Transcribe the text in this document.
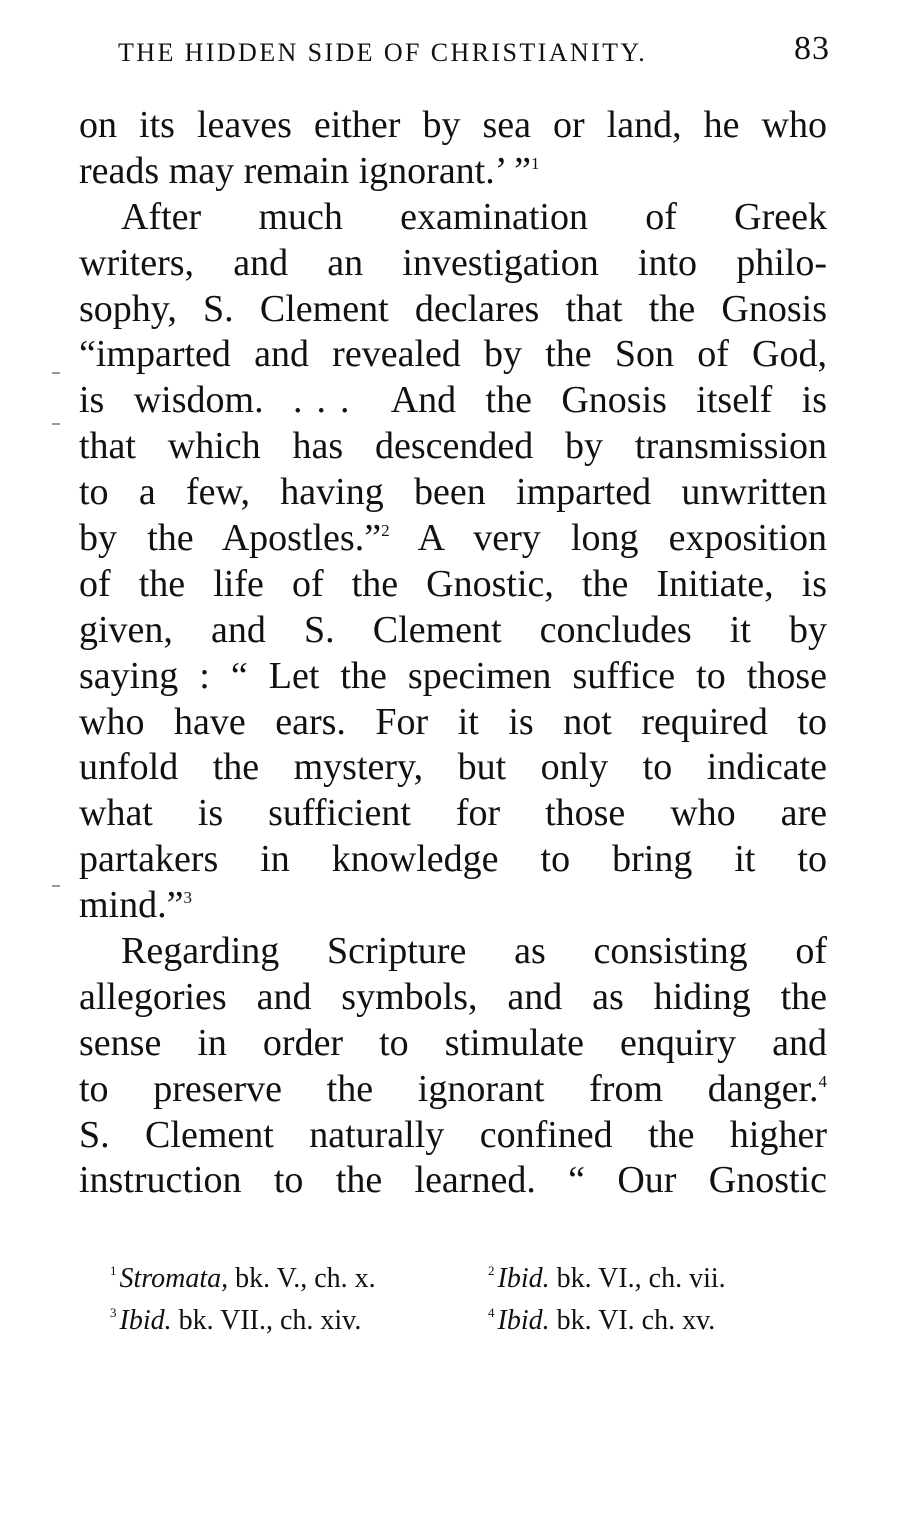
THE HIDDEN SIDE OF CHRISTIANITY.	83
on its leaves either by sea or land, he who
reads may remain ignorant.’ ”$^1$
After much examination of Greek
writers, and an investigation into philo-
sophy, S. Clement declares that the Gnosis
“imparted and revealed by the Son of God,
is wisdom. ... And the Gnosis itself is
that which has descended by transmission
to a few, having been imparted unwritten
by the Apostles.”$^2$ A very long exposition
of the life of the Gnostic, the Initiate, is
given, and S. Clement concludes it by
saying : “ Let the specimen suffice to those
who have ears. For it is not required to
unfold the mystery, but only to indicate
what is sufficient for those who are
partakers in knowledge to bring it to
mind.”$^3$
Regarding Scripture as consisting of
allegories and symbols, and as hiding the
sense in order to stimulate enquiry and
to preserve the ignorant from danger.$^4$
S. Clement naturally confined the higher
instruction to the learned. “ Our Gnostic
$^1$ Stromata, bk. V., ch. x.	$^2$ Ibid. bk. VI., ch. vii.
$^3$ Ibid. bk. VII., ch. xiv.	$^4$ Ibid. bk. VI. ch. xv.
